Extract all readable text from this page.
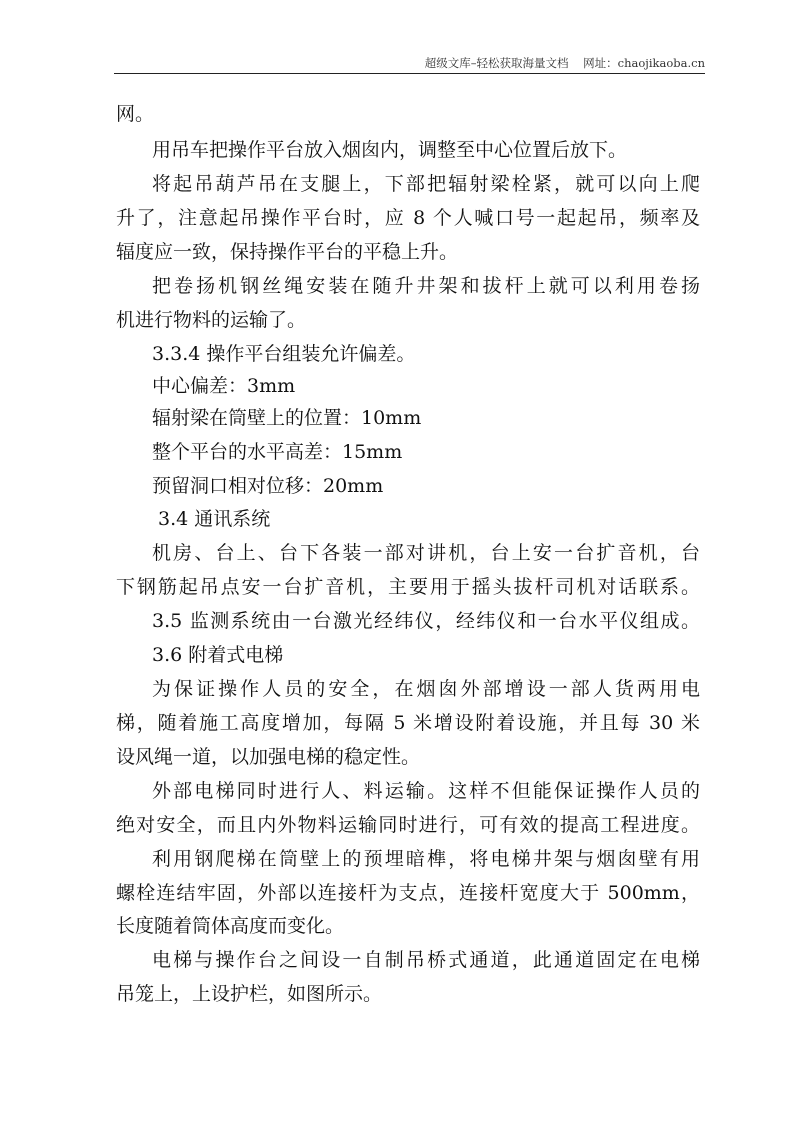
超级文库–轻松获取海量文档 网址：chaojikaoba.cn
网。
用吊车把操作平台放入烟囱内，调整至中心位置后放下。
将起吊葫芦吊在支腿上，下部把辐射梁栓紧，就可以向上爬
升了，注意起吊操作平台时，应 8 个人喊口号一起起吊，频率及
辐度应一致，保持操作平台的平稳上升。
把卷扬机钢丝绳安装在随升井架和拔杆上就可以利用卷扬
机进行物料的运输了。
3.3.4 操作平台组装允许偏差。
中心偏差：3mm
辐射梁在筒壁上的位置：10mm
整个平台的水平高差：15mm
预留洞口相对位移：20mm
3.4 通讯系统
机房、台上、台下各装一部对讲机，台上安一台扩音机，台
下钢筋起吊点安一台扩音机，主要用于摇头拔杆司机对话联系。
3.5 监测系统由一台激光经纬仪，经纬仪和一台水平仪组成。
3.6 附着式电梯
为保证操作人员的安全，在烟囱外部增设一部人货两用电
梯，随着施工高度增加，每隔 5 米增设附着设施，并且每 30 米
设风绳一道，以加强电梯的稳定性。
外部电梯同时进行人、料运输。这样不但能保证操作人员的
绝对安全，而且内外物料运输同时进行，可有效的提高工程进度。
利用钢爬梯在筒壁上的预埋暗榫，将电梯井架与烟囱壁有用
螺栓连结牢固，外部以连接杆为支点，连接杆宽度大于 500mm，
长度随着筒体高度而变化。
电梯与操作台之间设一自制吊桥式通道，此通道固定在电梯
吊笼上，上设护栏，如图所示。
